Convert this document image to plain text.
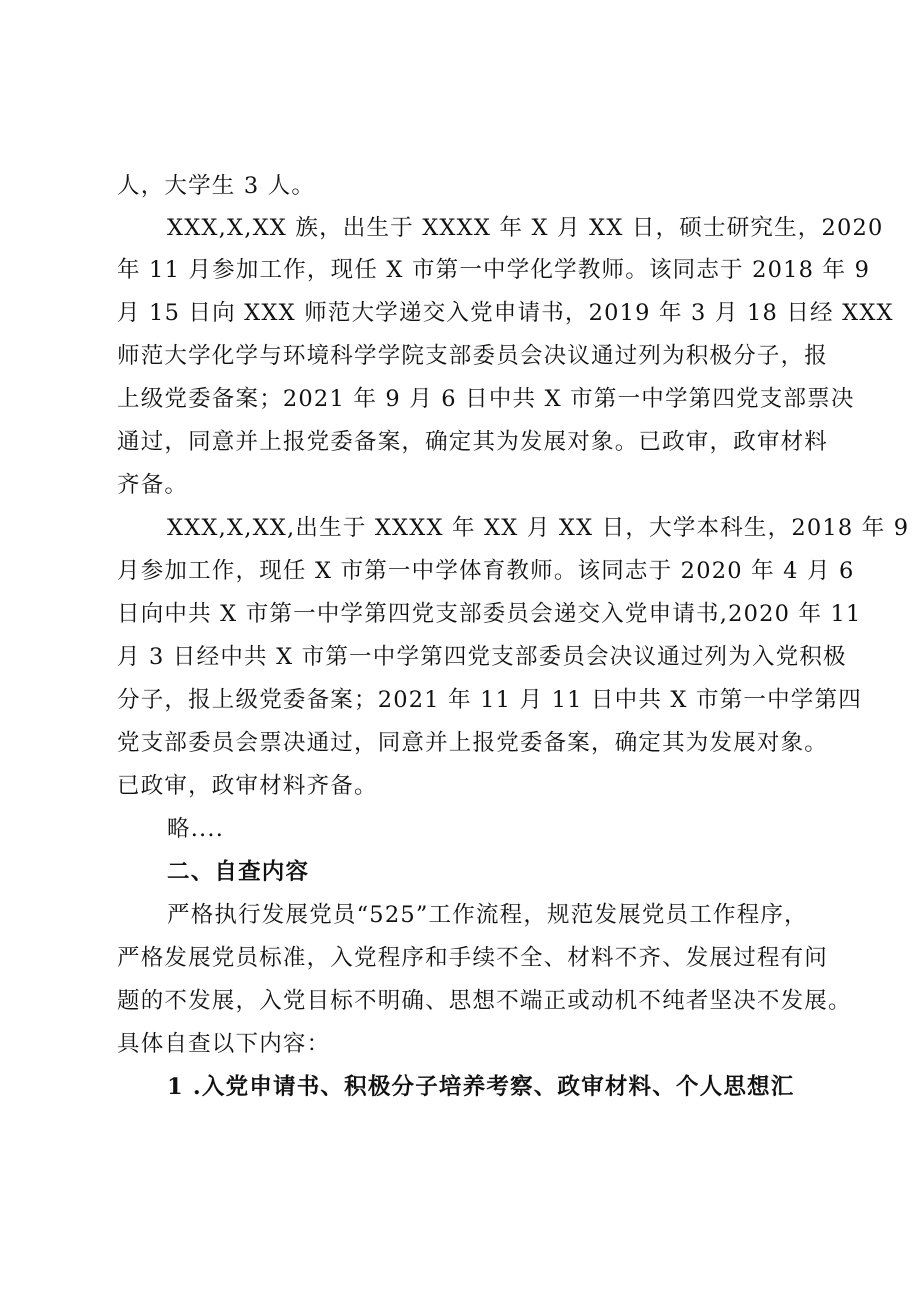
人，大学生 3 人。
XXX,X,XX 族，出生于 XXXX 年 X 月 XX 日，硕士研究生，2020
年 11 月参加工作，现任 X 市第一中学化学教师。该同志于 2018 年 9
月 15 日向 XXX 师范大学递交入党申请书，2019 年 3 月 18 日经 XXX
师范大学化学与环境科学学院支部委员会决议通过列为积极分子，报
上级党委备案；2021 年 9 月 6 日中共 X 市第一中学第四党支部票决
通过，同意并上报党委备案，确定其为发展对象。已政审，政审材料
齐备。
XXX,X,XX,出生于 XXXX 年 XX 月 XX 日，大学本科生，2018 年 9
月参加工作，现任 X 市第一中学体育教师。该同志于 2020 年 4 月 6
日向中共 X 市第一中学第四党支部委员会递交入党申请书,2020 年 11
月 3 日经中共 X 市第一中学第四党支部委员会决议通过列为入党积极
分子，报上级党委备案；2021 年 11 月 11 日中共 X 市第一中学第四
党支部委员会票决通过，同意并上报党委备案，确定其为发展对象。
已政审，政审材料齐备。
略....
二、自查内容
严格执行发展党员“525”工作流程，规范发展党员工作程序，
严格发展党员标准，入党程序和手续不全、材料不齐、发展过程有问
题的不发展，入党目标不明确、思想不端正或动机不纯者坚决不发展。
具体自查以下内容：
1 .入党申请书、积极分子培养考察、政审材料、个人思想汇
